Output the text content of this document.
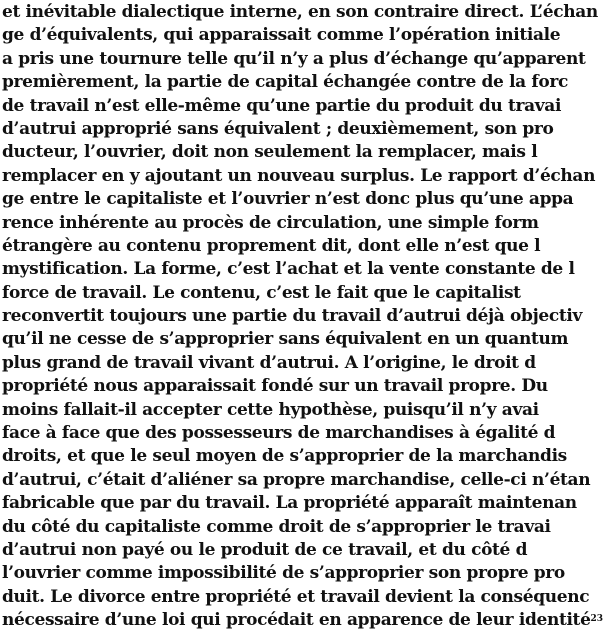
et inévitable dialectique interne, en son contraire direct. L’échan
ge d’équivalents, qui apparaissait comme l’opération initiale
a pris une tournure telle qu’il n’y a plus d’échange qu’apparent
premièrement, la partie de capital échangée contre de la forc
de travail n’est elle-même qu’une partie du produit du travai
d’autrui approprié sans équivalent ; deuxièmement, son pro
ducteur, l’ouvrier, doit non seulement la remplacer, mais l
remplacer en y ajoutant un nouveau surplus. Le rapport d’échan
ge entre le capitaliste et l’ouvrier n’est donc plus qu’une appa
rence inhérente au procès de circulation, une simple form
étrangère au contenu proprement dit, dont elle n’est que l
mystification. La forme, c’est l’achat et la vente constante de l
force de travail. Le contenu, c’est le fait que le capitalist
reconvertit toujours une partie du travail d’autrui déjà objectiv
qu’il ne cesse de s’approprier sans équivalent en un quantum
plus grand de travail vivant d’autrui. A l’origine, le droit d
propriété nous apparaissait fondé sur un travail propre. Du
moins fallait-il accepter cette hypothèse, puisqu’il n’y avai
face à face que des possesseurs de marchandises à égalité d
droits, et que le seul moyen de s’approprier de la marchandis
d’autrui, c’était d’aliéner sa propre marchandise, celle-ci n’étan
fabricable que par du travail. La propriété apparaît maintenan
du côté du capitaliste comme droit de s’approprier le travai
d’autrui non payé ou le produit de ce travail, et du côté d
l’ouvrier comme impossibilité de s’approprier son propre pro
duit. Le divorce entre propriété et travail devient la conséquenc
nécessaire d’une loi qui procédait en apparence de leur identité$^{23}$
